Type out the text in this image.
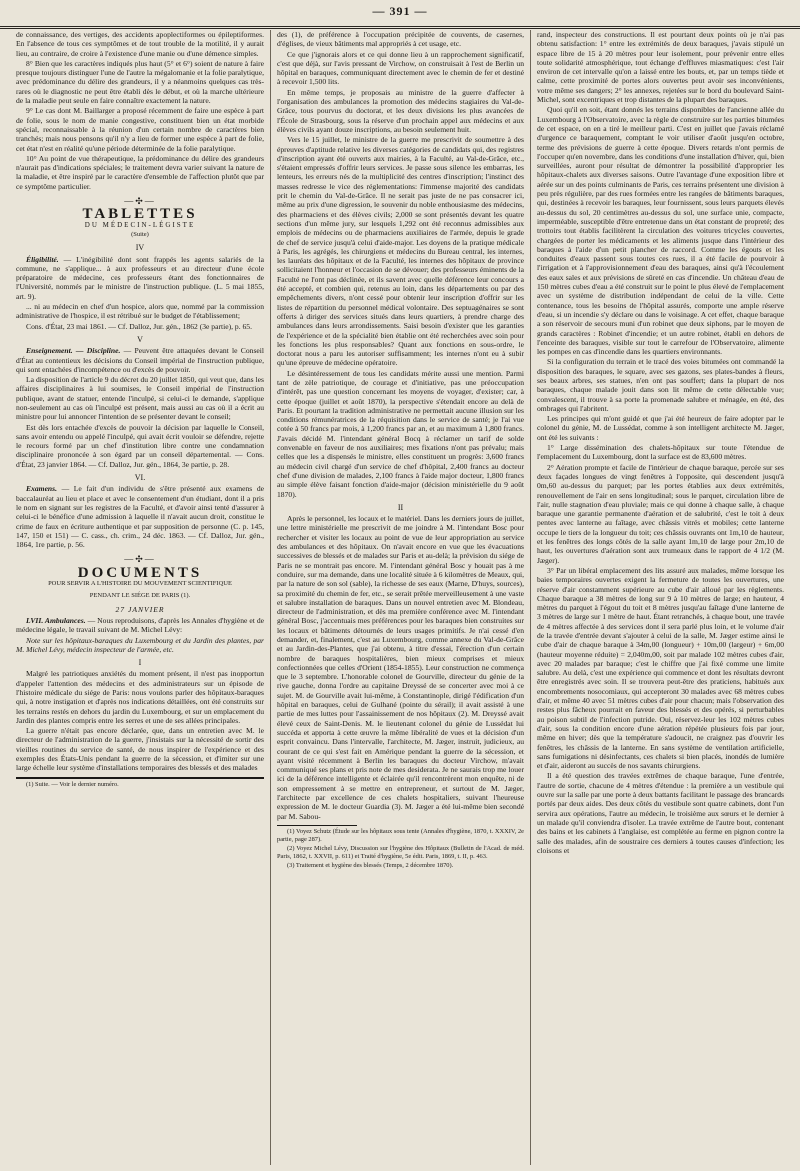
— 391 —

de connaissance, des vertiges, des accidents apoplectiformes ou épileptiformes. En l'absence de tous ces symptômes et de tout trouble de la motilité, il y aurait lieu, au contraire, de croire à l'existence d'une manie ou d'une démence simples.

8° Bien que les caractères indiqués plus haut (5° et 6°) soient de nature à faire presque toujours distinguer l'une de l'autre la mégalomanie et la folie paralytique, avec prédominance du délire des grandeurs, il y a néanmoins quelques cas très-rares où le diagnostic ne peut être établi dès le début, et où la marche ultérieure de la maladie peut seule en faire connaître exactement la nature.

9° Le cas dont M. Baillarger a proposé récemment de faire une espèce à part de folie, sous le nom de manie congestive, constituent bien un état morbide spécial, reconnaissable à la réunion d'un certain nombre de caractères bien tranchés; mais nous pensons qu'il n'y a lieu de former une espèce à part de folie, cet état n'est en réalité qu'une période déterminée de la folie paralytique.

10° Au point de vue thérapeutique, la prédominance du délire des grandeurs n'aurait pas d'indications spéciales; le traitement devra varier suivant la nature de la maladie, et être inspiré par le caractère d'ensemble de l'affection plutôt que par ce symptôme particulier.

—✣—
TABLETTES
DU MÉDECIN-LÉGISTE
(Suite)
IV

Éligibilité. — L'inégibilité dont sont frappés les agents salariés de la commune, ne s'applique... à aux professeurs et au directeur d'une école préparatoire de médecine, ces professeurs étant des fonctionnaires de l'Université, nommés par le ministre de l'instruction publique. (L. 5 mai 1855, art. 9).

... ni au médecin en chef d'un hospice, alors que, nommé par la commission administrative de l'hospice, il est rétribué sur le budget de l'établissement;

Cons. d'État, 23 mai 1861. — Cf. Dalloz, Jur. gén., 1862 (3e partie), p. 65.

V

Enseignement. — Discipline. — Peuvent être attaquées devant le Conseil d'État au contentieux les décisions du Conseil impérial de l'instruction publique, qui sont entachées d'incompétence ou d'excès de pouvoir.

La disposition de l'article 9 du décret du 20 juillet 1850, qui veut que, dans les affaires disciplinaires à lui soumises, le Conseil impérial de l'instruction publique, avant de statuer, entende l'inculpé, si celui-ci le demande, s'applique non-seulement au cas où l'inculpé est présent, mais aussi au cas où il a écrit au ministre pour lui annoncer l'intention de se présenter devant le conseil;

Est dès lors entachée d'excès de pouvoir la décision par laquelle le Conseil, sans avoir entendu ou appelé l'inculpé, qui avait écrit vouloir se défendre, rejette le recours formé par un chef d'institution libre contre une condamnation disciplinaire prononcée à son égard par un conseil départemental. — Cons. d'État, 23 janvier 1864. — Cf. Dalloz, Jur. gén., 1864, 3e partie, p. 28.

VI.

Examens. — Le fait d'un individu de s'être présenté aux examens de baccalauréat au lieu et place et avec le consentement d'un étudiant, dont il a pris le nom en signant sur les registres de la Faculté, et d'avoir ainsi tenté d'assurer à celui-ci le bénéfice d'une admission à laquelle il n'avait aucun droit, constitue le crime de faux en écriture authentique et par supposition de personne (C. p. 145, 147, 150 et 151) — C. cass., ch. crim., 24 déc. 1863. — Cf. Dalloz, Jur. gén., 1864, 1re partie, p. 56.

—✣—
DOCUMENTS
POUR SERVIR A L'HISTOIRE DU MOUVEMENT SCIENTIFIQUE
PENDANT LE SIÉGE DE PARIS (1).
27 JANVIER

LVII. Ambulances. — Nous reproduisons, d'après les Annales d'hygiène et de médecine légale, le travail suivant de M. Michel Lévy:

Note sur les hôpitaux-baraques du Luxembourg et du Jardin des plantes, par M. Michel Lévy, médecin inspecteur de l'armée, etc.

I

Malgré les patriotiques anxiétés du moment présent, il n'est pas inopportun d'appeler l'attention des médecins et des administrateurs sur un épisode de l'histoire médicale du siége de Paris: nous voulons parler des hôpitaux-baraques qui, à notre instigation et d'après nos indications détaillées, ont été construits sur les terrains restés en dehors du jardin du Luxembourg, et sur un emplacement du Jardin des plantes compris entre les serres et une de ses allées principales.

La guerre n'était pas encore déclarée, que, dans un entretien avec M. le directeur de l'administration de la guerre, j'insistais sur la nécessité de sortir des vieilles routines du service de santé, de nous inspirer de l'expérience et des exemples des États-Unis pendant la guerre de la sécession, et d'imiter sur une large échelle leur système d'installations temporaires des blessés et des malades

(1) Suite. — Voir le dernier numéro.

des (1), de préférence à l'occupation précipitée de couvents, de casernes, d'églises, de vieux bâtiments mal appropriés à cet usage, etc.

Ce que j'ignorais alors et ce qui donne lieu à un rapprochement significatif, c'est que déjà, sur l'avis pressant de Virchow, on construisait à l'est de Berlin un hôpital en baraques, communiquant directement avec le chemin de fer et destiné à recevoir 1,500 lits.

En même temps, je proposais au ministre de la guerre d'affecter à l'organisation des ambulances la promotion des médecins stagiaires du Val-de-Grâce, tous pourvus du doctorat, et les deux divisions les plus avancées de l'École de Strasbourg, sous la réserve d'un prochain appel aux médecins et aux élèves civils ayant douze inscriptions, au besoin seulement huit.

Vers le 15 juillet, le ministre de la guerre me prescrivit de soumettre à des épreuves d'aptitude relative les diverses catégories de candidats qui, des registres d'inscription ayant été ouverts aux mairies, à la Faculté, au Val-de-Grâce, etc., s'étaient empressés d'offrir leurs services. Je passe sous silence les embarras, les lenteurs, les erreurs nés de la multiplicité des centres d'inscription; l'instinct des masses redresse le vice des réglementations: l'immense majorité des candidats prit le chemin du Val-de-Grâce. Il ne serait pas juste de ne pas consacrer ici, même au prix d'une digression, le souvenir du noble enthousiasme des médecins, des pharmaciens et des élèves civils; 2,000 se sont présentés devant les quatre sections d'un même jury, sur lesquels 1,292 ont été reconnus admissibles aux emplois de médecins ou de pharmaciens auxiliaires de l'armée, depuis le grade de chef de service jusqu'à celui d'aide-major. Les doyens de la pratique médicale à Paris, les agrégés, les chirurgiens et médecins du Bureau central, les internes, les lauréats des hôpitaux et de la Faculté, les internes des hôpitaux de province sollicitaient l'honneur et l'occasion de se dévouer; des professeurs éminents de la Faculté ne l'ont pas déclinée, et ils savent avec quelle déférence leur concours a été accepté, et combien qui, retenus au loin, dans les départements ou par des empêchements divers, n'ont cessé pour obtenir leur inscription d'offrir sur les listes de répartition du personnel médical volontaire. Des septuagénaires se sont offerts à diriger des services situés dans leurs quartiers, à prendre charge des ambulances dans leurs arrondissements. Saisi besoin d'exister que les garanties de l'expérience et de la spécialité bien établie ont été recherchées avec soin pour les fonctions les plus responsables? Quant aux fonctions en sous-ordre, le doctorat nous a paru les autoriser suffisamment; les internes n'ont eu à subir qu'une épreuve de médecine opératoire.

Le désintéressement de tous les candidats mérite aussi une mention. Parmi tant de zèle patriotique, de courage et d'initiative, pas une préoccupation d'intérêt, pas une question concernant les moyens de voyager, d'exister; car, à cette époque (juillet et août 1870), la perspective s'étendait encore au delà de Paris. Et pourtant la tradition administrative ne permettait aucune illusion sur les conditions rémunératrices de la réquisition dans le service de santé; je l'ai vue cotée à 50 francs par mois, à 1,200 francs par an, et au maximum à 1,800 francs. J'avais décidé M. l'intendant général Bocq à réclamer un tarif de solde convenable en faveur de nos auxiliaires; mes fixations n'ont pas prévalu; mais celles que les a dispensés le ministre, elles constituent un progrès: 3,600 francs au médecin civil chargé d'un service de chef d'hôpital, 2,400 francs au docteur chef d'une division de malades, 2,100 francs à l'aide major docteur, 1,800 francs au simple élève faisant fonction d'aide-major (décision ministérielle du 9 août 1870).

II

Après le personnel, les locaux et le matériel. Dans les derniers jours de juillet, une lettre ministérielle me prescrivit de me joindre à M. l'intendant Bosc pour rechercher et visiter les locaux au point de vue de leur appropriation au service des ambulances et des hôpitaux. On n'avait encore en vue que les évacuations successives de blessés et de malades sur Paris et au-delà; la prévision du siége de Paris ne se montrait pas encore. M. l'intendant général Bosc y houait pas à me conduire, sur ma demande, dans une localité située à 6 kilomètres de Meaux, qui, par la nature de son sol (sable), la richesse de ses eaux (Marne, D'huys, sources), sa proximité du chemin de fer, etc., se serait prêtée merveilleusement à une vaste et salubre installation de baraques. Dans un nouvel entretien avec M. Blondeau, directeur de l'administration, et dès ma première conférence avec M. l'intendant général Bosc, j'accentuais mes préférences pour les baraques bien construites sur les locaux et bâtiments détournés de leurs usages primitifs. Je n'ai cessé d'en demander, et, finalement, c'est au Luxembourg, comme annexe du Val-de-Grâce et au Jardin-des-Plantes, que j'ai obtenu, à titre d'essai, l'érection d'un certain nombre de baraques hospitalières, bien mieux comprises et mieux confectionnées que celles d'Orient (1854-1855). Leur construction ne commença que le 3 septembre. L'honorable colonel de Gourville, directeur du génie de la rive gauche, donna l'ordre au capitaine Dreyssé de se concerter avec moi à ce sujet. M. de Gourville avait lui-même, à Constantinople, dirigé l'édification d'un hôpital en baraques, celui de Gulhané (pointe du sérail); il avait assisté à une partie de mes luttes pour l'assainissement de nos hôpitaux (2). M. Dreyssé avait élevé ceux de Saint-Denis. M. le lieutenant colonel du génie de Lussédat lui succéda et apporta à cette œuvre la même libéralité de vues et la décision d'un esprit convaincu. Dans l'intervalle, l'architecte, M. Jæger, instruit, judicieux, au courant de ce qui s'est fait en Amérique pendant la guerre de la sécession, et ayant visité récemment à Berlin les baraques du docteur Virchow, m'avait communiqué ses plans et pris note de mes desiderata. Je ne saurais trop me louer ici de la déférence intelligente et éclairée qu'il rencontrèrent mon enquête, ni de son empressement à se mettre en entrepreneur, et surtout de M. Jæger, l'architecte par excellence de ces chalets hospitaliers, suivant l'heureuse expression de M. le docteur Guardia (3). M. Jæger a été lui-même bien secondé par M. Sabou-

(1) Voyez Schutz (Étude sur les hôpitaux sous tente (Annales d'hygiène, 1870, t. XXXIV, 2e partie, page 287).

(2) Voyez Michel Lévy, Discussion sur l'hygiène des Hôpitaux (Bulletin de l'Acad. de méd. Paris, 1862, t. XXVII, p. 611) et Traité d'hygiène, 5e édit. Paris, 1869, t. II, p. 463.

(3) Traitement et hygiène des blessés (Temps, 2 décembre 1870).

rand, inspecteur des constructions. Il est pourtant deux points où je n'ai pas obtenu satisfaction: 1° entre les extrémités de deux baraques, j'avais stipulé un espace libre de 15 à 20 mètres pour leur isolement, pour prévenir entre elles toute solidarité atmosphérique, tout échange d'effluves miasmatiques: c'est l'air environ de cet intervalle qu'on a laissé entre les bouts, et, par un temps tiède et calme, cette proximité de portes alors ouvertes peut avoir ses inconvénients, votre même ses dangers; 2° les annexes, rejetées sur le bord du boulevard Saint-Michel, sont excentriques et trop distantes de la plupart des baraques.

Quoi qu'il en soit, étant donnés les terrains disponibles de l'ancienne allée du Luxembourg à l'Observatoire, avec la règle de construire sur les parties bitumées de cet espace, on en a tiré le meilleur parti. C'est en juillet que j'avais réclamé d'urgence ce baraquement, comptant le voir utiliser d'août jusqu'en octobre, terme des prévisions de guerre à cette époque. Divers retards n'ont permis de l'occuper qu'en novembre, dans les conditions d'une installation d'hiver, qui, bien surveillées, auront pour résultat de démontrer la possibilité d'approprier les hôpitaux-chalets aux diverses saisons. Outre l'avantage d'une exposition libre et aérée sur un des points culminants de Paris, ces terrains présentent une division à peu près régulière, par des rues formées entre les rangées de bâtiments baraques, qui, destinées à recevoir les baraques, leur fournissent, sous leurs parquets élevés au-dessus du sol, 20 centimètres au-dessus du sol, une surface unie, compacte, imperméable, susceptible d'être entretenue dans un état constant de propreté; des trottoirs tout établis facilitèrent la circulation des voitures tricycles couvertes, chargées de porter les médicaments et les aliments jusque dans l'intérieur des baraques à l'aide d'un petit plancher de raccord. Comme les égouts et les conduites d'eaux passent sous toutes ces rues, il a été facile de pourvoir à l'irrigation et à l'approvisionnement d'eau des baraques, ainsi qu'à l'écoulement des eaux sales et aux prévisions de sûreté en cas d'incendie. Un château d'eau de 150 mètres cubes d'eau a été construit sur le point le plus élevé de l'emplacement avec un système de distribution indépendant de celui de la ville. Cette contenance, tous les besoins de l'hôpital assurés, comporte une ample réserve d'eau, si un incendie s'y déclare ou dans le voisinage. A cet effet, chaque baraque a son réservoir de secours muni d'un robinet que deux siphons, par le moyen de grands caractères : Robinet d'incendie; et un autre robinet, établi en dehors de l'enceinte des baraques, visible sur tout le carrefour de l'Observatoire, alimente les pompes en cas d'incendie dans les quartiers environnants.

Si la configuration du terrain et le tracé des voies bitumées ont commandé la disposition des baraques, le square, avec ses gazons, ses plates-bandes à fleurs, ses beaux arbres, ses statues, n'en ont pas souffert; dans la plupart de nos baraques, chaque malade jouit dans son lit même de cette délectable vue; convalescent, il trouve à sa porte la promenade salubre et ménagée, en été, des ombrages qui l'abritent.

Les principes qui m'ont guidé et que j'ai été heureux de faire adopter par le colonel du génie, M. de Lussédat, comme à son intelligent architecte M. Jæger, ont été les suivants :

1° Large dissémination des chalets-hôpitaux sur toute l'étendue de l'emplacement du Luxembourg, dont la surface est de 83,600 mètres.

2° Aération prompte et facile de l'intérieur de chaque baraque, percée sur ses deux façades longues de vingt fenêtres à l'opposite, qui descendent jusqu'à 0m,60 au-dessus du parquet; par les portes établies aux deux extrémités, renouvellement de l'air en sens longitudinal; sous le parquet, circulation libre de l'air, nulle stagnation d'eau pluviale; mais ce qui donne à chaque salle, à chaque baraque une garantie permanente d'aération et de salubrité, c'est le toit à deux pentes avec lanterne au faîtage, avec châssis vitrés et mobiles; cette lanterne occupe le tiers de la longueur du toit; ces châssis ouvrants ont 1m,10 de hauteur, et les fenêtres des longs côtés de la salle ayant 1m,10 de large pour 2m,10 de haut, les ouvertures d'aération sont aux trumeaux dans le rapport de 4 1/2 (M. Jæger).

3° Par un libéral emplacement des lits assuré aux malades, même lorsque les baies temporaires ouvertes exigent la fermeture de toutes les ouvertures, une réserve d'air constamment supérieure au cube d'air alloué par les règlements. Chaque baraque a 38 mètres de long sur 9 à 10 mètres de large; en hauteur, 4 mètres du parquet à l'égout du toit et 8 mètres jusqu'au faîtage d'une lanterne de 3 mètres de large sur 1 mètre de haut. Étant retranchés, à chaque bout, une travée de 4 mètres affectée à des services dont il sera parlé plus loin, et le volume d'air de la travée d'entrée devant s'ajouter à celui de la salle, M. Jæger estime ainsi le cube d'air de chaque baraque à 34m,00 (longueur) + 10m,00 (largeur) + 6m,00 (hauteur moyenne réduite) = 2,040m,00, soit par malade 102 mètres cubes d'air, avec 20 malades par baraque; c'est le chiffre que j'ai fixé comme une limite salubre. Au delà, c'est une expérience qui commence et dont les résultats devront être enregistrés avec soin. Il se trouvera peut-être des praticiens, habitués aux encombrements nosocomiaux, qui accepteront 30 malades avec 68 mètres cubes d'air, et même 40 avec 51 mètres cubes d'air pour chacun; mais l'observation des restes plus fâcheux pourrait en faveur des blessés et des opérés, si perturbables au poison subtil de l'infection putride. Oui, réservez-leur les 102 mètres cubes d'air, sous la condition encore d'une aération répétée plusieurs fois par jour, même en hiver; dès que la température s'adoucit, ne craignez pas d'ouvrir les fenêtres, les châssis de la lanterne. En sans système de ventilation artificielle, sans fumigations ni désinfectants, ces chalets si bien placés, inondés de lumière et d'air, aideront au succès de nos savants chirurgiens.

Il a été question des travées extrêmes de chaque baraque, l'une d'entrée, l'autre de sortie, chacune de 4 mètres d'étendue : la première a un vestibule qui ouvre sur la salle par une porte à deux battants facilitant le passage des brancards portés par deux aides. Des deux côtés du vestibule sont quatre cabinets, dont l'un servira aux opérations, l'autre au médecin, le troisième aux sœurs et le dernier à un malade qu'il conviendra d'isoler. La travée extrême de l'autre bout, contenant des bains et les cabinets à l'anglaise, est complétée au ferme en pignon contre la salle des malades, afin de soustraire ces derniers à toutes causes d'infection; les cloisons et
